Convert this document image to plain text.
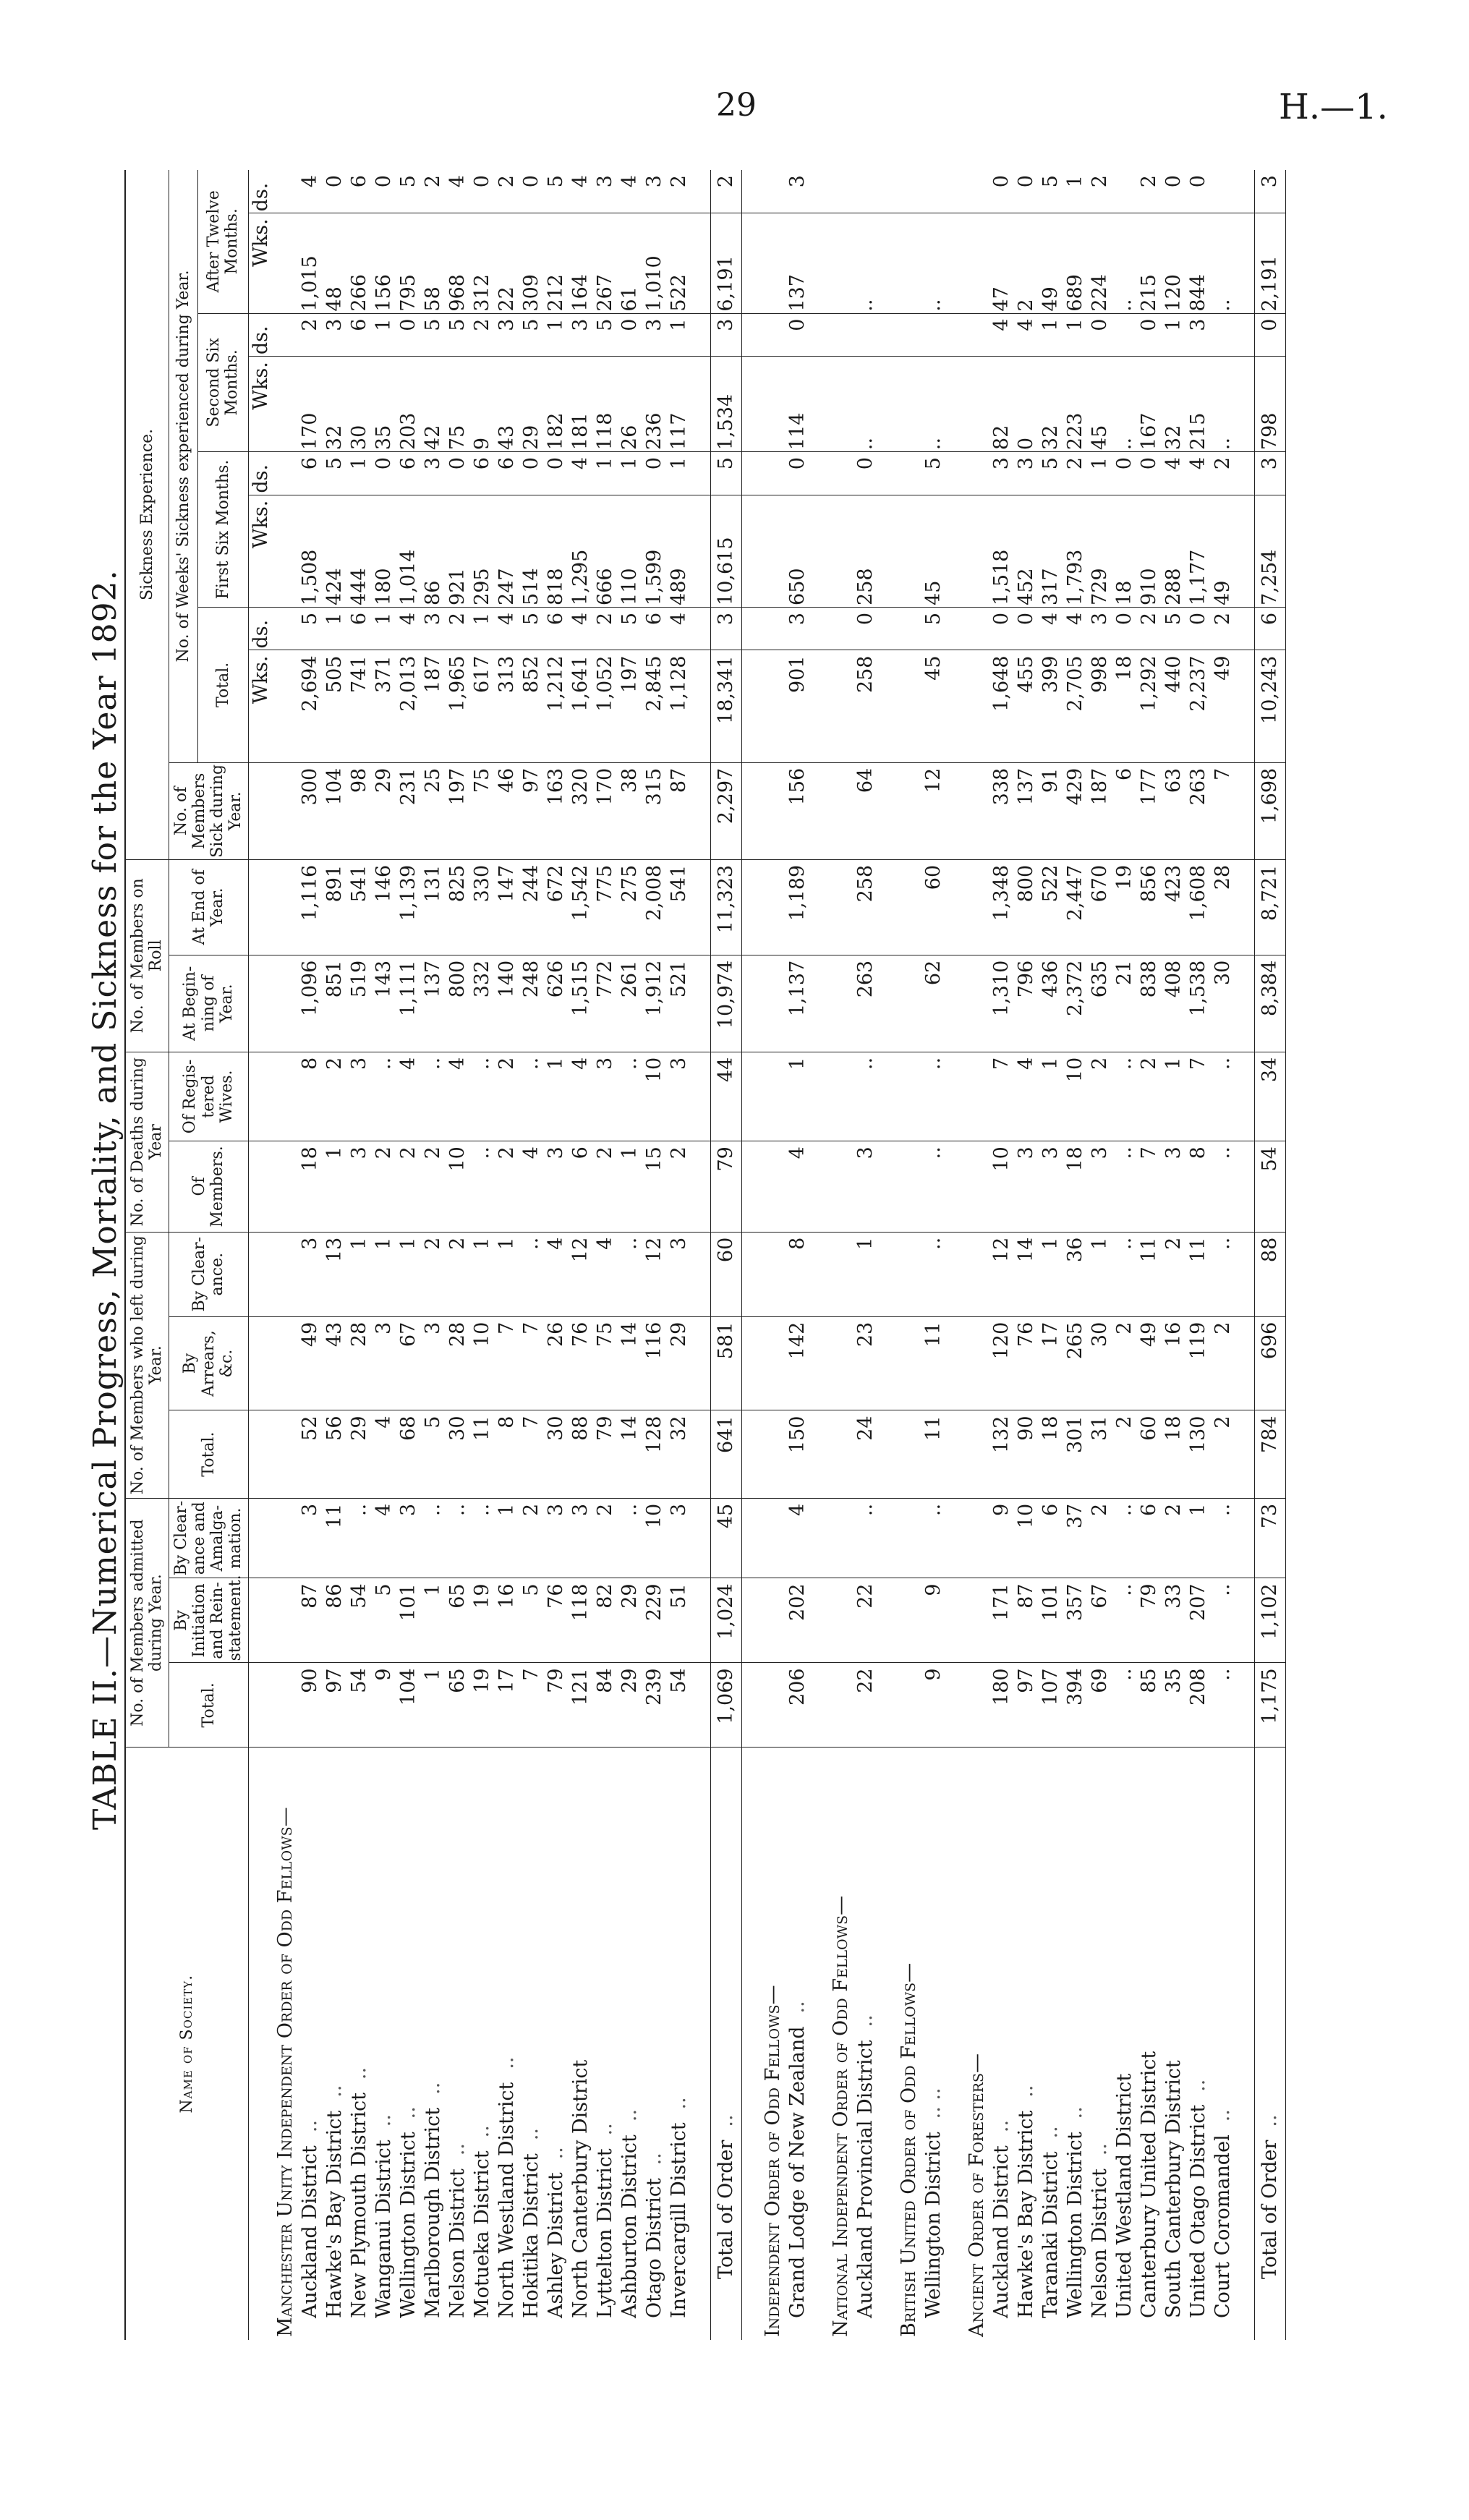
29	H.—1.
TABLE II.—Numerical Progress, Mortality, and Sickness for the Year 1892.
Name of Society.	No. of Members admitted during Year.			No. of Members who left during Year.			No. of Deaths during Year		No. of Members on Roll		Sickness Experience.								
	Total.	By Initiation and Rein-statement.	By Clear-ance and Amalga-mation.	Total.	By Arrears, &c.	By Clear-ance.	Of Members.	Of Regis-tered Wives.	At Begin-ning of Year.	At End of Year.	No. of Members Sick during Year.	No. of Weeks' Sickness experienced during Year.							
												Total.		First Six Months.		Second Six Months.		After Twelve Months.	
												Wks.	ds.	Wks.	ds.	Wks.	ds.	Wks.	ds.
Manchester Unity Independent Order of Odd Fellows—																			
Auckland District..	90	87	3	52	49	3	18	8	1,096	1,116	300	2,694	5	1,508	6	170	2	1,015	4
Hawke's Bay District..	97	86	11	56	43	13	1	2	851	891	104	505	1	424	5	32	3	48	0
New Plymouth District..	54	54	..	29	28	1	3	3	519	541	98	741	6	444	1	30	6	266	6
Wanganui District..	9	5	4	4	3	1	2	..	143	146	29	371	1	180	0	35	1	156	0
Wellington District..	104	101	3	68	67	1	2	4	1,111	1,139	231	2,013	4	1,014	6	203	0	795	5
Marlborough District..	1	1	..	5	3	2	2	..	137	131	25	187	3	86	3	42	5	58	2
Nelson District..	65	65	..	30	28	2	10	4	800	825	197	1,965	2	921	0	75	5	968	4
Motueka District..	19	19	..	11	10	1	..	..	332	330	75	617	1	295	6	9	2	312	0
North Westland District..	17	16	1	8	7	1	2	2	140	147	46	313	4	247	6	43	3	22	2
Hokitika District..	7	5	2	7	7	..	4	..	248	244	97	852	5	514	0	29	5	309	0
Ashley District..	79	76	3	30	26	4	3	1	626	672	163	1,212	6	818	0	182	1	212	5
North Canterbury District	121	118	3	88	76	12	6	4	1,515	1,542	320	1,641	4	1,295	4	181	3	164	4
Lyttelton District..	84	82	2	79	75	4	2	3	772	775	170	1,052	2	666	1	118	5	267	3
Ashburton District..	29	29	..	14	14	..	1	..	261	275	38	197	5	110	1	26	0	61	4
Otago District..	239	229	10	128	116	12	15	10	1,912	2,008	315	2,845	6	1,599	0	236	3	1,010	3
Invercargill District..	54	51	3	32	29	3	2	3	521	541	87	1,128	4	489	1	117	1	522	2

Total of Order..	1,069	1,024	45	641	581	60	79	44	10,974	11,323	2,297	18,341	3	10,615	5	1,534	3	6,191	2

Independent Order of Odd Fellows—																			
Grand Lodge of New Zealand..	206	202	4	150	142	8	4	1	1,137	1,189	156	901	3	650	0	114	0	137	3

National Independent Order of Odd Fellows—																			
Auckland Provincial District..	22	22	..	24	23	1	3	..	263	258	64	258	0	258	0	..		..	

British United Order of Odd Fellows—																			
Wellington District.. ..	9	9	..	11	11	..	..	..	62	60	12	45	5	45	5	..		..	

Ancient Order of Foresters—																			
Auckland District..	180	171	9	132	120	12	10	7	1,310	1,348	338	1,648	0	1,518	3	82	4	47	0
Hawke's Bay District..	97	87	10	90	76	14	3	4	796	800	137	455	0	452	3	0	4	2	0
Taranaki District..	107	101	6	18	17	1	3	1	436	522	91	399	4	317	5	32	1	49	5
Wellington District..	394	357	37	301	265	36	18	10	2,372	2,447	429	2,705	4	1,793	2	223	1	689	1
Nelson District..	69	67	2	31	30	1	3	2	635	670	187	998	3	729	1	45	0	224	2
United Westland District	..	..	..	2	2	..	..	..	21	19	6	18	0	18	0	..		..	
Canterbury United District	85	79	6	60	49	11	7	2	838	856	177	1,292	2	910	0	167	0	215	2
South Canterbury District	35	33	2	18	16	2	3	1	408	423	63	440	5	288	4	32	1	120	0
United Otago District..	208	207	1	130	119	11	8	7	1,538	1,608	263	2,237	0	1,177	4	215	3	844	0
Court Coromandel..	..	..	..	2	2	..	..	..	30	28	7	49	2	49	2	..		..	

Total of Order..	1,175	1,102	73	784	696	88	54	34	8,384	8,721	1,698	10,243	6	7,254	3	798	0	2,191	3
